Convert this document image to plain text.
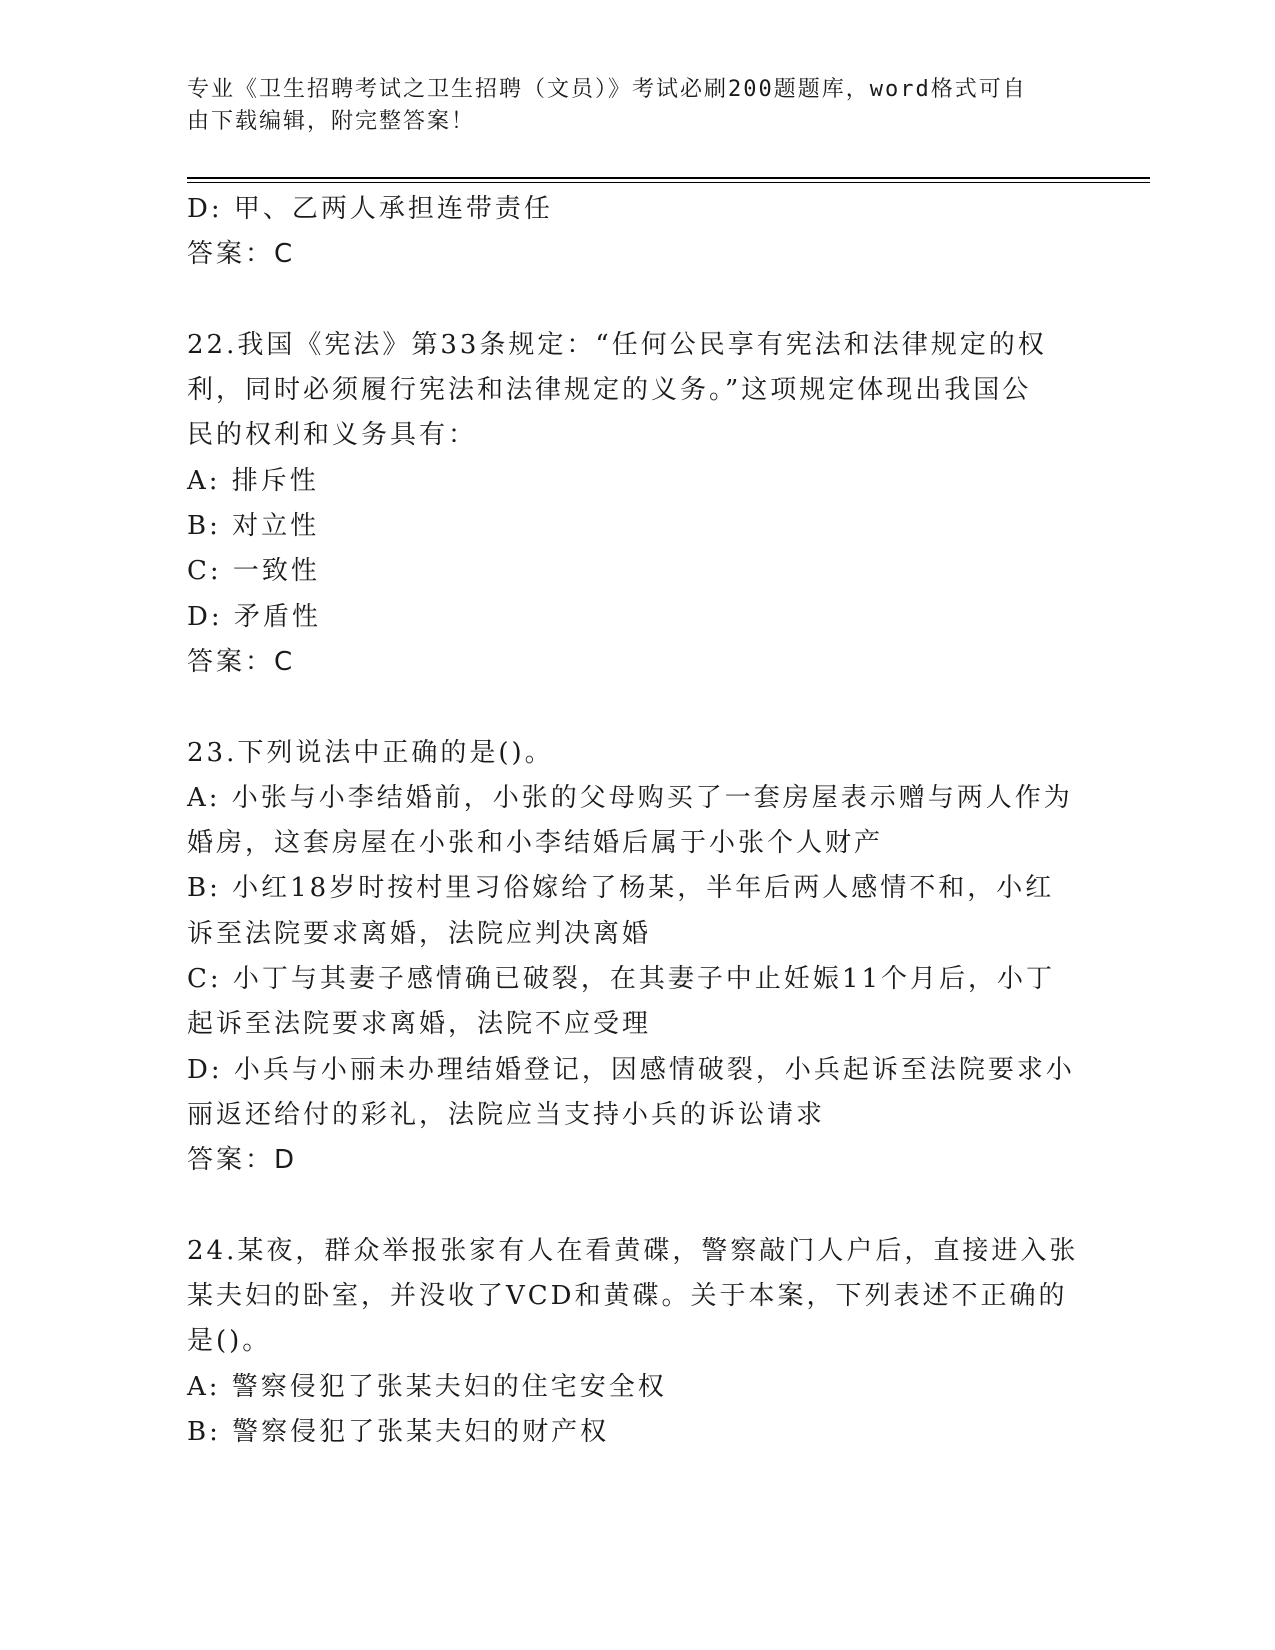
专业《卫生招聘考试之卫生招聘（文员）》考试必刷200题题库，word格式可自
由下载编辑，附完整答案！
D: 甲、乙两人承担连带责任
答案：C
22.我国《宪法》第33条规定：“任何公民享有宪法和法律规定的权
利，同时必须履行宪法和法律规定的义务。”这项规定体现出我国公
民的权利和义务具有：
A: 排斥性
B: 对立性
C: 一致性
D: 矛盾性
答案：C
23.下列说法中正确的是()。
A: 小张与小李结婚前，小张的父母购买了一套房屋表示赠与两人作为
婚房，这套房屋在小张和小李结婚后属于小张个人财产
B: 小红18岁时按村里习俗嫁给了杨某，半年后两人感情不和，小红
诉至法院要求离婚，法院应判决离婚
C: 小丁与其妻子感情确已破裂，在其妻子中止妊娠11个月后，小丁
起诉至法院要求离婚，法院不应受理
D: 小兵与小丽未办理结婚登记，因感情破裂，小兵起诉至法院要求小
丽返还给付的彩礼，法院应当支持小兵的诉讼请求
答案：D
24.某夜，群众举报张家有人在看黄碟，警察敲门人户后，直接进入张
某夫妇的卧室，并没收了VCD和黄碟。关于本案，下列表述不正确的
是()。
A: 警察侵犯了张某夫妇的住宅安全权
B: 警察侵犯了张某夫妇的财产权
